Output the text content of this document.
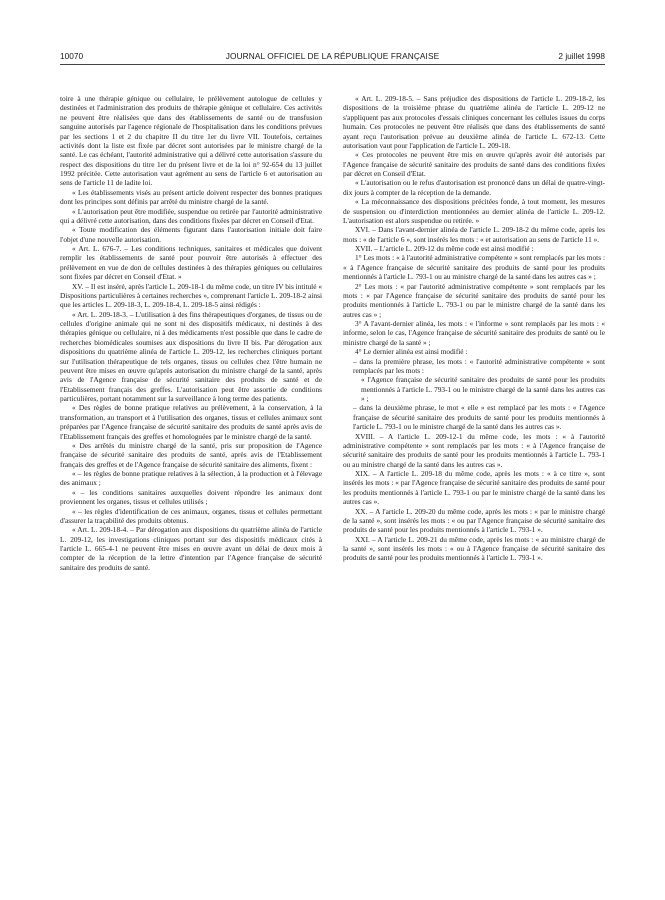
10070	JOURNAL OFFICIEL DE LA RÉPUBLIQUE FRANÇAISE	2 juillet 1998

toire à une thérapie génique ou cellulaire, le prélèvement autologue de cellules y destinées et l'administration des produits de thérapie génique et cellulaire. Ces activités ne peuvent être réalisées que dans des établissements de santé ou de transfusion sanguine autorisés par l'agence régionale de l'hospitalisation dans les conditions prévues par les sections 1 et 2 du chapitre II du titre 1er du livre VII. Toutefois, certaines activités dont la liste est fixée par décret sont autorisées par le ministre chargé de la santé. Le cas échéant, l'autorité administrative qui a délivré cette autorisation s'assure du respect des dispositions du titre 1er du présent livre et de la loi n° 92-654 du 13 juillet 1992 précitée. Cette autorisation vaut agrément au sens de l'article 6 et autorisation au sens de l'article 11 de ladite loi.

« Les établissements visés au présent article doivent respecter des bonnes pratiques dont les principes sont définis par arrêté du ministre chargé de la santé.

« L'autorisation peut être modifiée, suspendue ou retirée par l'autorité administrative qui a délivré cette autorisation, dans des conditions fixées par décret en Conseil d'Etat.

« Toute modification des éléments figurant dans l'autorisation initiale doit faire l'objet d'une nouvelle autorisation.

« Art. L. 676-7. – Les conditions techniques, sanitaires et médicales que doivent remplir les établissements de santé pour pouvoir être autorisés à effectuer des prélèvement en vue de don de cellules destinées à des thérapies géniques ou cellulaires sont fixées par décret en Conseil d'Etat. »

XV. – Il est inséré, après l'article L. 209-18-1 du même code, un titre IV bis intitulé « Dispositions particulières à certaines recherches », comprenant l'article L. 209-18-2 ainsi que les articles L. 209-18-3, L. 209-18-4, L. 209-18-5 ainsi rédigés :

« Art. L. 209-18-3. – L'utilisation à des fins thérapeutiques d'organes, de tissus ou de cellules d'origine animale qui ne sont ni des dispositifs médicaux, ni destinés à des thérapies génique ou cellulaire, ni à des médicaments n'est possible que dans le cadre de recherches biomédicales soumises aux dispositions du livre II bis. Par dérogation aux dispositions du quatrième alinéa de l'article L. 209-12, les recherches cliniques portant sur l'utilisation thérapeutique de tels organes, tissus ou cellules chez l'être humain ne peuvent être mises en œuvre qu'après autorisation du ministre chargé de la santé, après avis de l'Agence française de sécurité sanitaire des produits de santé et de l'Etablissement français des greffes. L'autorisation peut être assortie de conditions particulières, portant notamment sur la surveillance à long terme des patients.

« Des règles de bonne pratique relatives au prélèvement, à la conservation, à la transformation, au transport et à l'utilisation des organes, tissus et cellules animaux sont préparées par l'Agence française de sécurité sanitaire des produits de santé après avis de l'Etablissement français des greffes et homologuées par le ministre chargé de la santé.

« Des arrêtés du ministre chargé de la santé, pris sur proposition de l'Agence française de sécurité sanitaire des produits de santé, après avis de l'Etablissement français des greffes et de l'Agence française de sécurité sanitaire des aliments, fixent :

« – les règles de bonne pratique relatives à la sélection, à la production et à l'élevage des animaux ;

« – les conditions sanitaires auxquelles doivent répondre les animaux dont proviennent les organes, tissus et cellules utilisés ;

« – les règles d'identification de ces animaux, organes, tissus et cellules permettant d'assurer la traçabilité des produits obtenus.

« Art. L. 209-18-4. – Par dérogation aux dispositions du quatrième alinéa de l'article L. 209-12, les investigations cliniques portant sur des dispositifs médicaux cités à l'article L. 665-4-1 ne peuvent être mises en œuvre avant un délai de deux mois à compter de la réception de la lettre d'intention par l'Agence française de sécurité sanitaire des produits de santé.

« Art. L. 209-18-5. – Sans préjudice des dispositions de l'article L. 209-18-2, les dispositions de la troisième phrase du quatrième alinéa de l'article L. 209-12 ne s'appliquent pas aux protocoles d'essais cliniques concernant les cellules issues du corps humain. Ces protocoles ne peuvent être réalisés que dans des établissements de santé ayant reçu l'autorisation prévue au deuxième alinéa de l'article L. 672-13. Cette autorisation vaut pour l'application de l'article L. 209-18.

« Ces protocoles ne peuvent être mis en œuvre qu'après avoir été autorisés par l'Agence française de sécurité sanitaire des produits de santé dans des conditions fixées par décret en Conseil d'Etat.

« L'autorisation ou le refus d'autorisation est prononcé dans un délai de quatre-vingt-dix jours à compter de la réception de la demande.

« La méconnaissance des dispositions précitées fonde, à tout moment, les mesures de suspension ou d'interdiction mentionnées au dernier alinéa de l'article L. 209-12. L'autorisation est alors suspendue ou retirée. »

XVI. – Dans l'avant-dernier alinéa de l'article L. 209-18-2 du même code, après les mots : « de l'article 6 », sont insérés les mots : « et autorisation au sens de l'article 11 ».

XVII. – L'article L. 209-12 du même code est ainsi modifié :

1° Les mots : « à l'autorité administrative compétente » sont remplacés par les mots : « à l'Agence française de sécurité sanitaire des produits de santé pour les produits mentionnés à l'article L. 793-1 ou au ministre chargé de la santé dans les autres cas » ;

2° Les mots : « par l'autorité administrative compétente » sont remplacés par les mots : « par l'Agence française de sécurité sanitaire des produits de santé pour les produits mentionnés à l'article L. 793-1 ou par le ministre chargé de la santé dans les autres cas » ;

3° A l'avant-dernier alinéa, les mots : « l'informe » sont remplacés par les mots : « informe, selon le cas, l'Agence française de sécurité sanitaire des produits de santé ou le ministre chargé de la santé » ;

4° Le dernier alinéa est ainsi modifié :

– dans la première phrase, les mots : « l'autorité administrative compétente » sont remplacés par les mots :

« l'Agence française de sécurité sanitaire des produits de santé pour les produits mentionnés à l'article L. 793-1 ou le ministre chargé de la santé dans les autres cas » ;

– dans la deuxième phrase, le mot « elle » est remplacé par les mots : « l'Agence française de sécurité sanitaire des produits de santé pour les produits mentionnés à l'article L. 793-1 ou le ministre chargé de la santé dans les autres cas ».

XVIII. – A l'article L. 209-12-1 du même code, les mots : « à l'autorité administrative compétente » sont remplacés par les mots : « à l'Agence française de sécurité sanitaire des produits de santé pour les produits mentionnés à l'article L. 793-1 ou au ministre chargé de la santé dans les autres cas ».

XIX. – A l'article L. 209-18 du même code, après les mots : « à ce titre », sont insérés les mots : « par l'Agence française de sécurité sanitaire des produits de santé pour les produits mentionnés à l'article L. 793-1 ou par le ministre chargé de la santé dans les autres cas ».

XX. – A l'article L. 209-20 du même code, après les mots : « par le ministre chargé de la santé », sont insérés les mots : « ou par l'Agence française de sécurité sanitaire des produits de santé pour les produits mentionnés à l'article L. 793-1 ».

XXI. – A l'article L. 209-21 du même code, après les mots : « au ministre chargé de la santé », sont insérés les mots : « ou à l'Agence française de sécurité sanitaire des produits de santé pour les produits mentionnés à l'article L. 793-1 ».
